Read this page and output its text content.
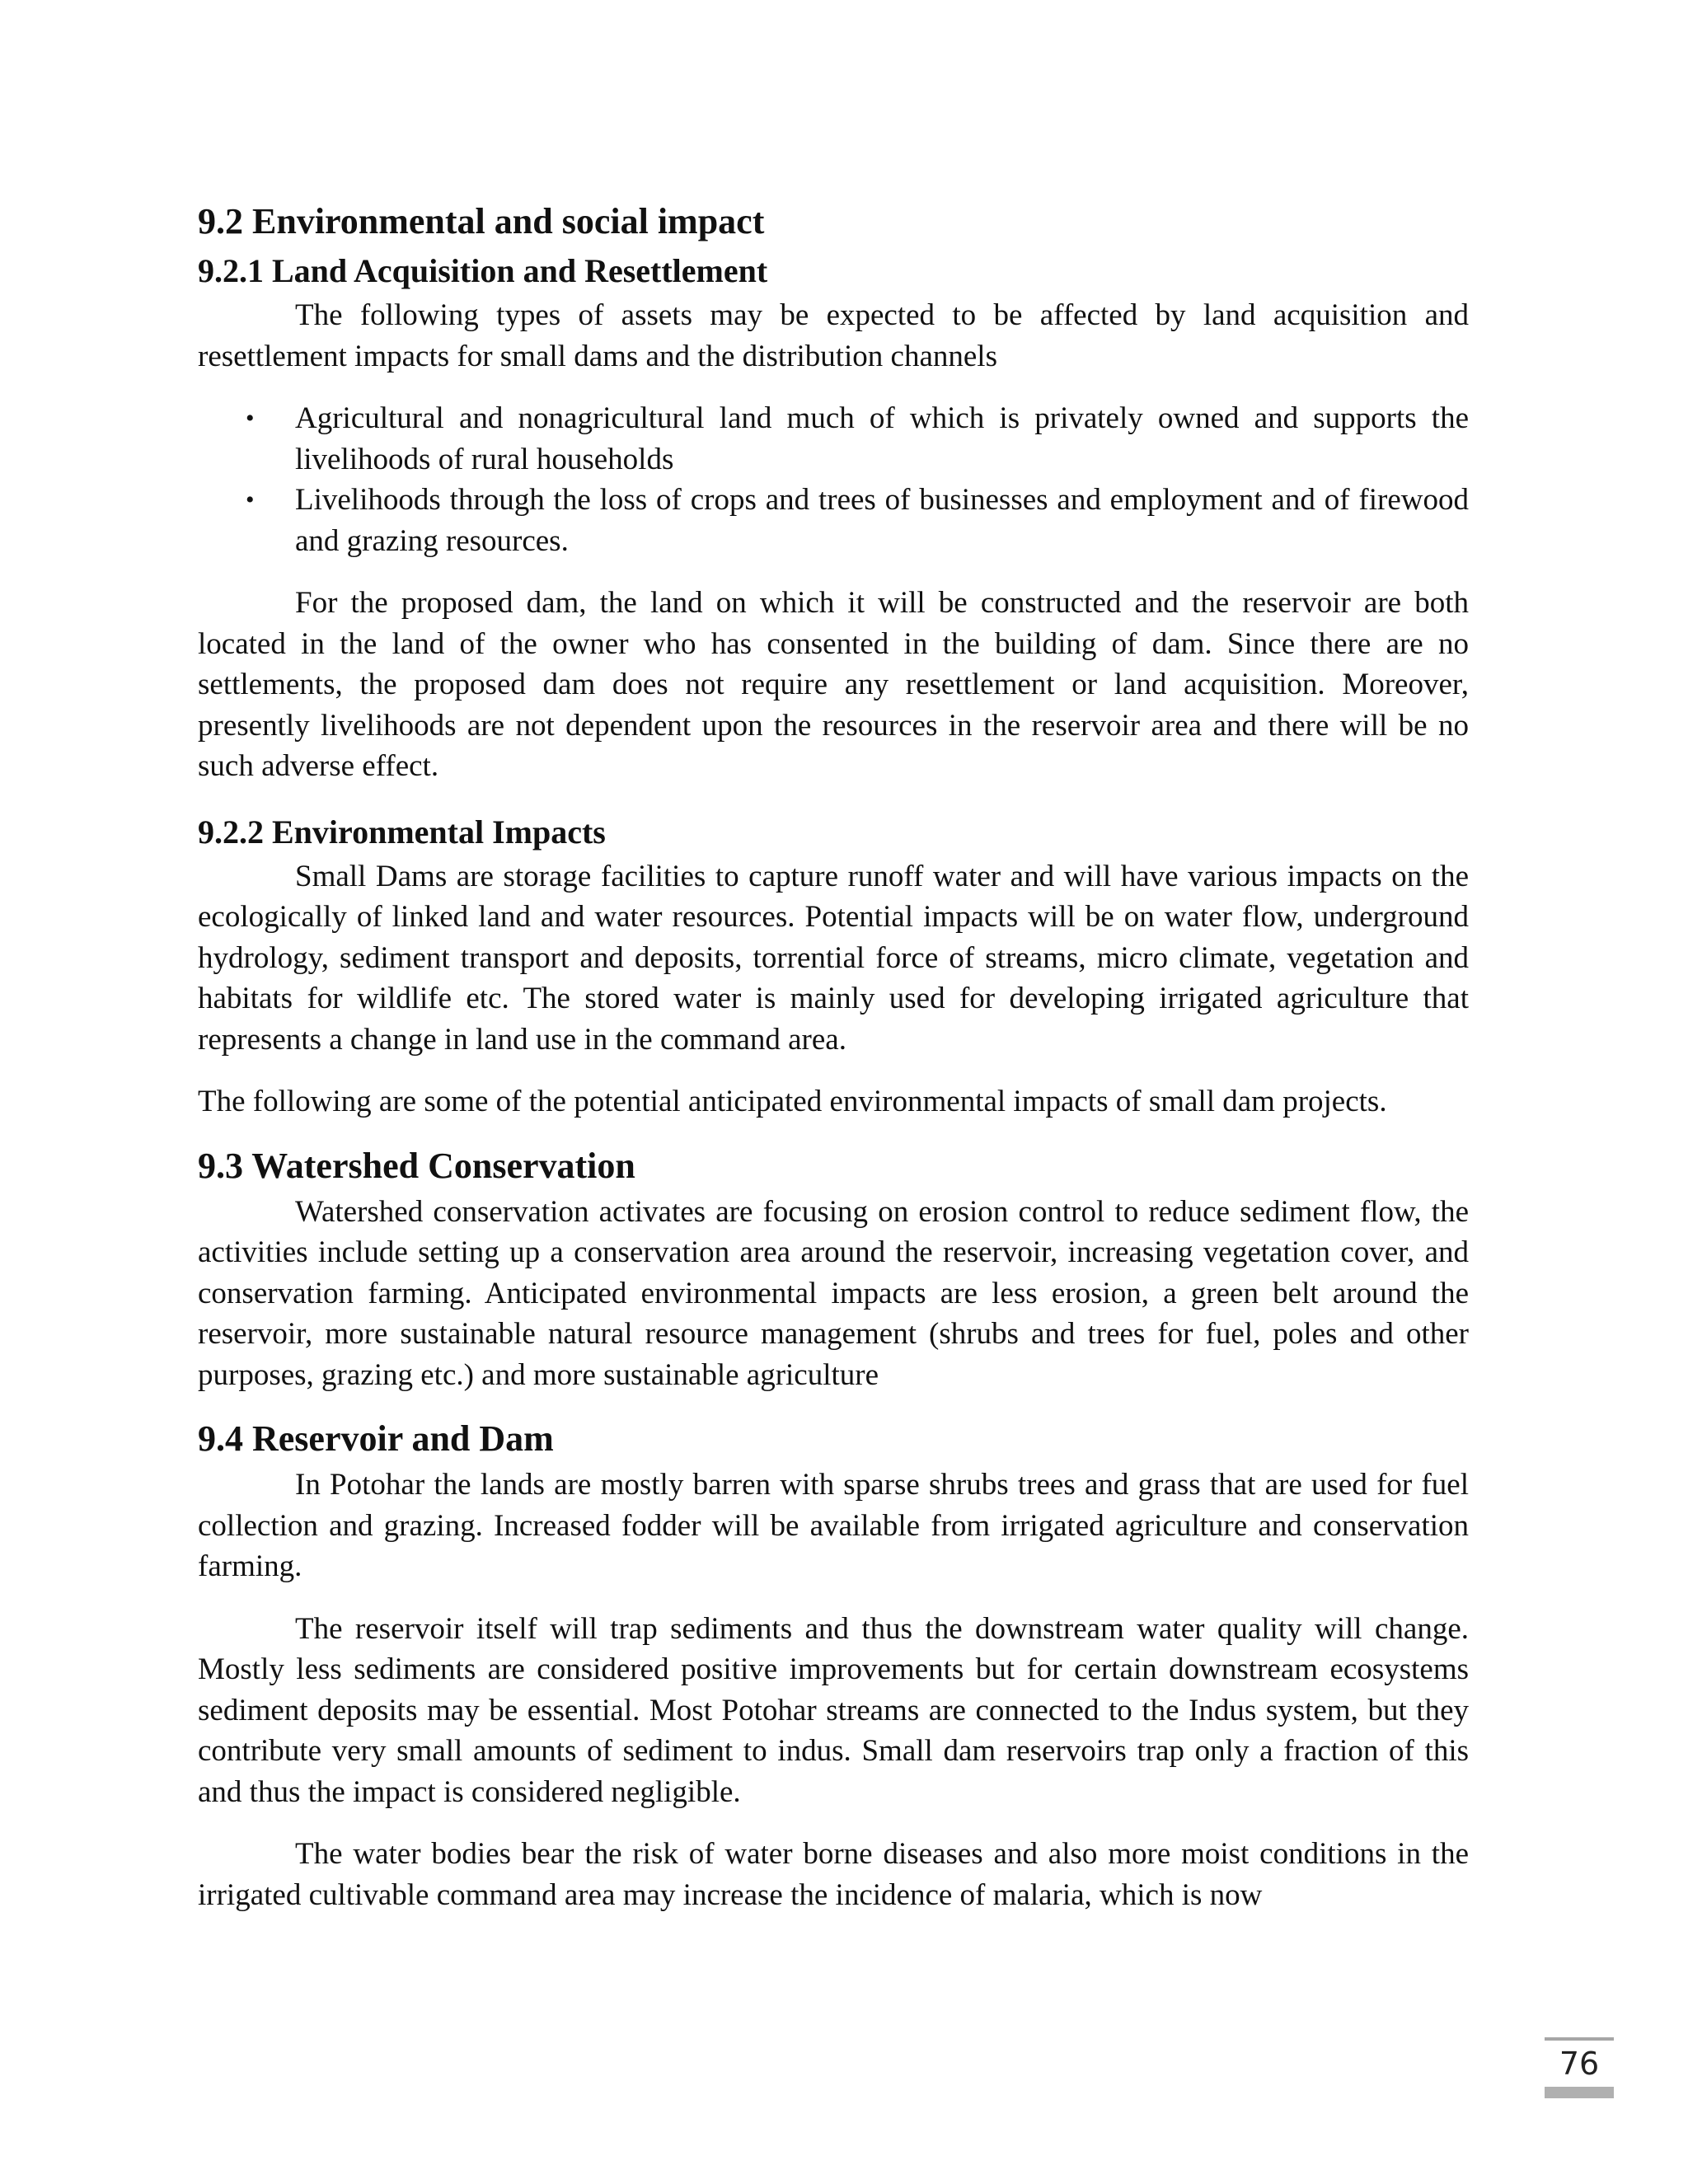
9.2 Environmental and social impact
9.2.1 Land Acquisition and Resettlement

The following types of assets may be expected to be affected by land acquisition and resettlement impacts for small dams and the distribution channels

• Agricultural and nonagricultural land much of which is privately owned and supports the livelihoods of rural households
• Livelihoods through the loss of crops and trees of businesses and employment and of firewood and grazing resources.

For the proposed dam, the land on which it will be constructed and the reservoir are both located in the land of the owner who has consented in the building of dam. Since there are no settlements, the proposed dam does not require any resettlement or land acquisition. Moreover, presently livelihoods are not dependent upon the resources in the reservoir area and there will be no such adverse effect.

9.2.2 Environmental Impacts

Small Dams are storage facilities to capture runoff water and will have various impacts on the ecologically of linked land and water resources. Potential impacts will be on water flow, underground hydrology, sediment transport and deposits, torrential force of streams, micro climate, vegetation and habitats for wildlife etc. The stored water is mainly used for developing irrigated agriculture that represents a change in land use in the command area.

The following are some of the potential anticipated environmental impacts of small dam projects.

9.3 Watershed Conservation

Watershed conservation activates are focusing on erosion control to reduce sediment flow, the activities include setting up a conservation area around the reservoir, increasing vegetation cover, and conservation farming. Anticipated environmental impacts are less erosion, a green belt around the reservoir, more sustainable natural resource management (shrubs and trees for fuel, poles and other purposes, grazing etc.) and more sustainable agriculture

9.4 Reservoir and Dam

In Potohar the lands are mostly barren with sparse shrubs trees and grass that are used for fuel collection and grazing. Increased fodder will be available from irrigated agriculture and conservation farming.

The reservoir itself will trap sediments and thus the downstream water quality will change. Mostly less sediments are considered positive improvements but for certain downstream ecosystems sediment deposits may be essential. Most Potohar streams are connected to the Indus system, but they contribute very small amounts of sediment to indus. Small dam reservoirs trap only a fraction of this and thus the impact is considered negligible.

The water bodies bear the risk of water borne diseases and also more moist conditions in the irrigated cultivable command area may increase the incidence of malaria, which is now

76
